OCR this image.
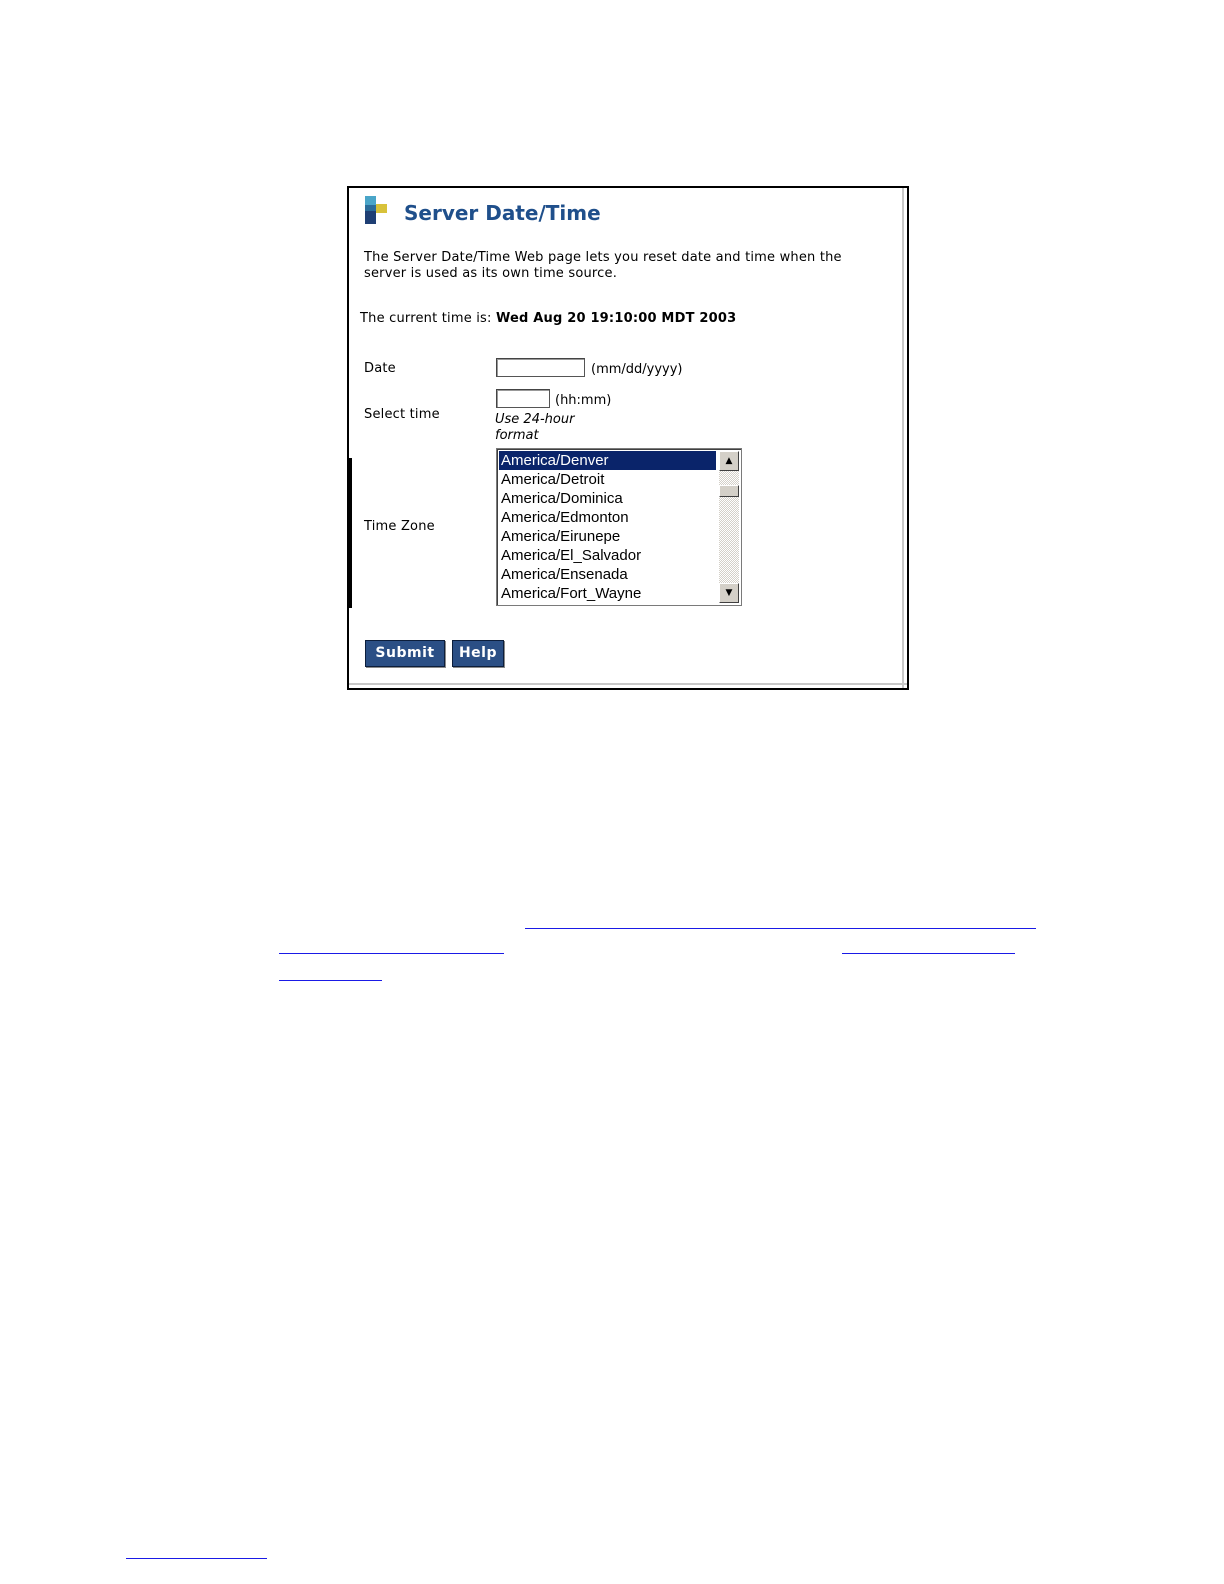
Server Date/Time
The Server Date/Time Web page lets you reset date and time when the server is used as its own time source.
The current time is: Wed Aug 20 19:10:00 MDT 2003
Date	(mm/dd/yyyy)
Select time
(hh:mm)
Use 24-hour
format
Time Zone
America/Denver
America/Detroit
America/Dominica
America/Edmonton
America/Eirunepe
America/El_Salvador
America/Ensenada
America/Fort_Wayne
▲
▼
Submit	Help
